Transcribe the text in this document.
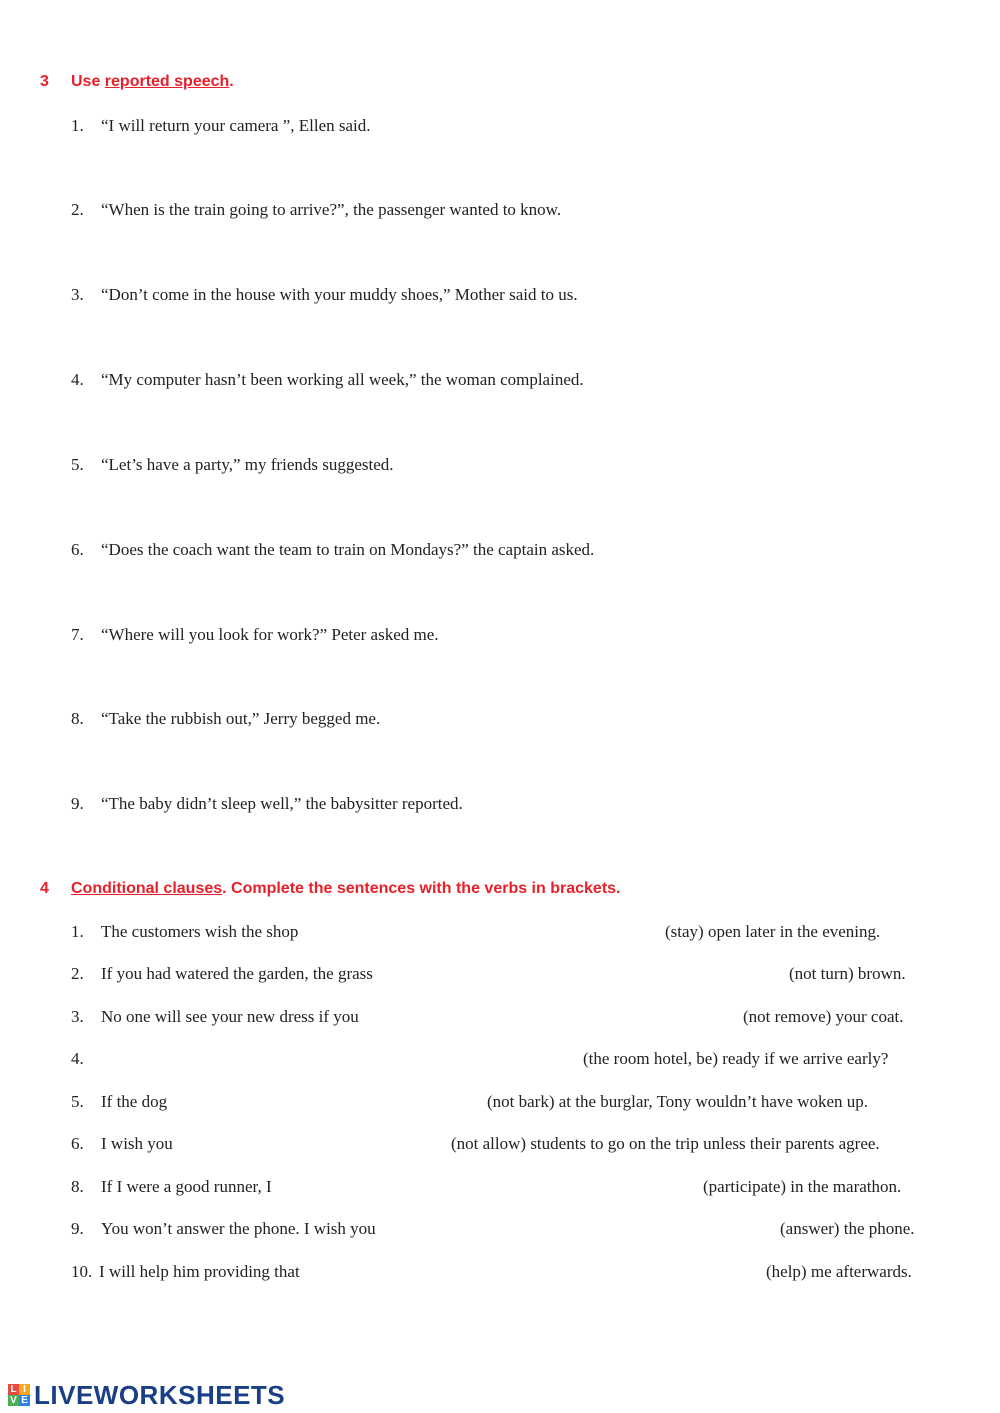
3 Use reported speech.
1. “I will return your camera ”, Ellen said.
2. “When is the train going to arrive?”, the passenger wanted to know.
3. “Don’t come in the house with your muddy shoes,” Mother said to us.
4. “My computer hasn’t been working all week,” the woman complained.
5. “Let’s have a party,” my friends suggested.
6. “Does the coach want the team to train on Mondays?” the captain asked.
7. “Where will you look for work?” Peter asked me.
8. “Take the rubbish out,” Jerry begged me.
9. “The baby didn’t sleep well,” the babysitter reported.
4 Conditional clauses. Complete the sentences with the verbs in brackets.
1. The customers wish the shop	(stay) open later in the evening.
2. If you had watered the garden, the grass	(not turn) brown.
3. No one will see your new dress if you	(not remove) your coat.
4.	(the room hotel, be) ready if we arrive early?
5. If the dog	(not bark) at the burglar, Tony wouldn’t have woken up.
6. I wish you	(not allow) students to go on the trip unless their parents agree.
8. If I were a good runner, I	(participate) in the marathon.
9. You won’t answer the phone. I wish you	(answer) the phone.
10. I will help him providing that	(help) me afterwards.
L I
V E LIVEWORKSHEETS
